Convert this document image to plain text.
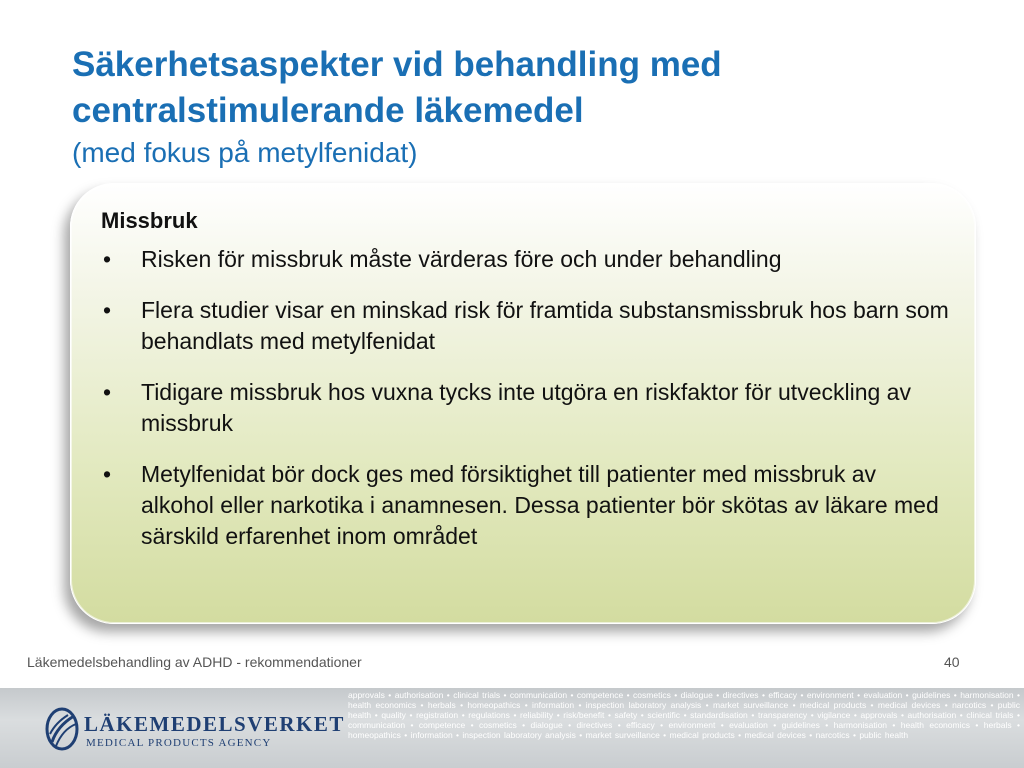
Säkerhetsaspekter vid behandling med
centralstimulerande läkemedel

(med fokus på metylfenidat)

Missbruk
• Risken för missbruk måste värderas före och under behandling
• Flera studier visar en minskad risk för framtida substansmissbruk hos barn som behandlats med metylfenidat
• Tidigare missbruk hos vuxna tycks inte utgöra en riskfaktor för utveckling av missbruk
• Metylfenidat bör dock ges med försiktighet till patienter med missbruk av alkohol eller narkotika i anamnesen. Dessa patienter bör skötas av läkare med särskild erfarenhet inom området
Läkemedelsbehandling av ADHD - rekommendationer	40
LÄKEMEDELSVERKET
MEDICAL PRODUCTS AGENCY

approvals • authorisation • clinical trials • communication • competence • cosmetics • dialogue • directives • efficacy • environment • evaluation • guidelines • harmonisation • health economics • herbals • homeopathics • information • inspection laboratory analysis • market surveillance • medical products • medical devices • narcotics • public health • quality • registration • regulations • reliability • risk/benefit • safety • scientific • standardisation • transparency • vigilance • approvals • authorisation • clinical trials • communication • competence • cosmetics • dialogue • directives • efficacy • environment • evaluation • guidelines • harmonisation • health economics • herbals • homeopathics • information • inspection laboratory analysis • market surveillance • medical products • medical devices • narcotics • public health
